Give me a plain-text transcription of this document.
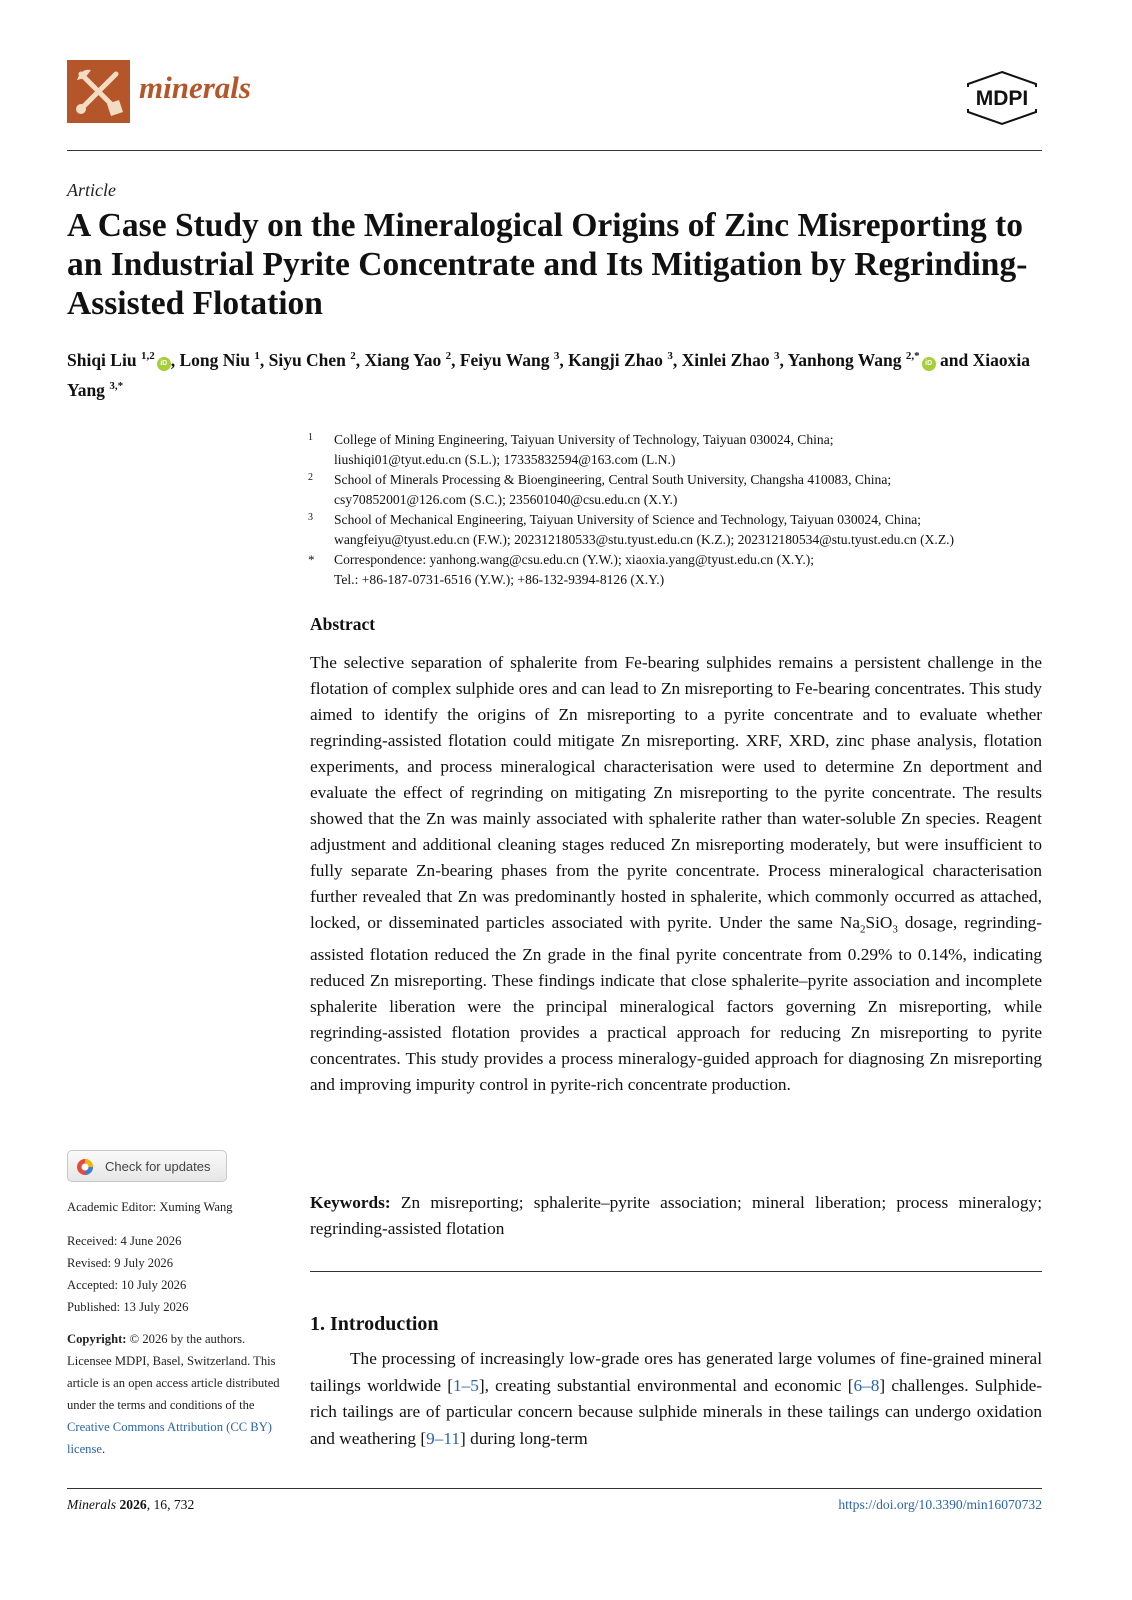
minerals	MDPI
Article
A Case Study on the Mineralogical Origins of Zinc Misreporting to an Industrial Pyrite Concentrate and Its Mitigation by Regrinding-Assisted Flotation

Shiqi Liu $^{1,2}$iD , Long Niu $^1$, Siyu Chen $^2$, Xiang Yao $^2$, Feiyu Wang $^3$, Kangji Zhao $^3$, Xinlei Zhao $^3$, Yanhong Wang $^{2,*}$iD and Xiaoxia Yang $^{3,*}$

1 College of Mining Engineering, Taiyuan University of Technology, Taiyuan 030024, China;
liushiqi01@tyut.edu.cn (S.L.); 17335832594@163.com (L.N.)
2 School of Minerals Processing & Bioengineering, Central South University, Changsha 410083, China;
csy70852001@126.com (S.C.); 235601040@csu.edu.cn (X.Y.)
3 School of Mechanical Engineering, Taiyuan University of Science and Technology, Taiyuan 030024, China;
wangfeiyu@tyust.edu.cn (F.W.); 202312180533@stu.tyust.edu.cn (K.Z.); 202312180534@stu.tyust.edu.cn (X.Z.)
* Correspondence: yanhong.wang@csu.edu.cn (Y.W.); xiaoxia.yang@tyust.edu.cn (X.Y.);
Tel.: +86-187-0731-6516 (Y.W.); +86-132-9394-8126 (X.Y.)
Check for updates

Academic Editor: Xuming Wang

Received: 4 June 2026

Revised: 9 July 2026

Accepted: 10 July 2026

Published: 13 July 2026

Copyright: © 2026 by the authors. Licensee MDPI, Basel, Switzerland. This article is an open access article distributed under the terms and conditions of the Creative Commons Attribution (CC BY) license.

Abstract

The selective separation of sphalerite from Fe-bearing sulphides remains a persistent challenge in the flotation of complex sulphide ores and can lead to Zn misreporting to Fe-bearing concentrates. This study aimed to identify the origins of Zn misreporting to a pyrite concentrate and to evaluate whether regrinding-assisted flotation could mitigate Zn misreporting. XRF, XRD, zinc phase analysis, flotation experiments, and process mineralogical characterisation were used to determine Zn deportment and evaluate the effect of regrinding on mitigating Zn misreporting to the pyrite concentrate. The results showed that the Zn was mainly associated with sphalerite rather than water-soluble Zn species. Reagent adjustment and additional cleaning stages reduced Zn misreporting moderately, but were insufficient to fully separate Zn-bearing phases from the pyrite concentrate. Process mineralogical characterisation further revealed that Zn was predominantly hosted in sphalerite, which commonly occurred as attached, locked, or disseminated particles associated with pyrite. Under the same $Na_2SiO_3$ dosage, regrinding-assisted flotation reduced the Zn grade in the final pyrite concentrate from 0.29% to 0.14%, indicating reduced Zn misreporting. These findings indicate that close sphalerite–pyrite association and incomplete sphalerite liberation were the principal mineralogical factors governing Zn misreporting, while regrinding-assisted flotation provides a practical approach for reducing Zn misreporting to pyrite concentrates. This study provides a process mineralogy-guided approach for diagnosing Zn misreporting and improving impurity control in pyrite-rich concentrate production.

Keywords: Zn misreporting; sphalerite–pyrite association; mineral liberation; process mineralogy; regrinding-assisted flotation

1. Introduction

The processing of increasingly low-grade ores has generated large volumes of fine-grained mineral tailings worldwide [1–5], creating substantial environmental and economic [6–8] challenges. Sulphide-rich tailings are of particular concern because sulphide minerals in these tailings can undergo oxidation and weathering [9–11] during long-term

Minerals 2026, 16, 732	https://doi.org/10.3390/min16070732
